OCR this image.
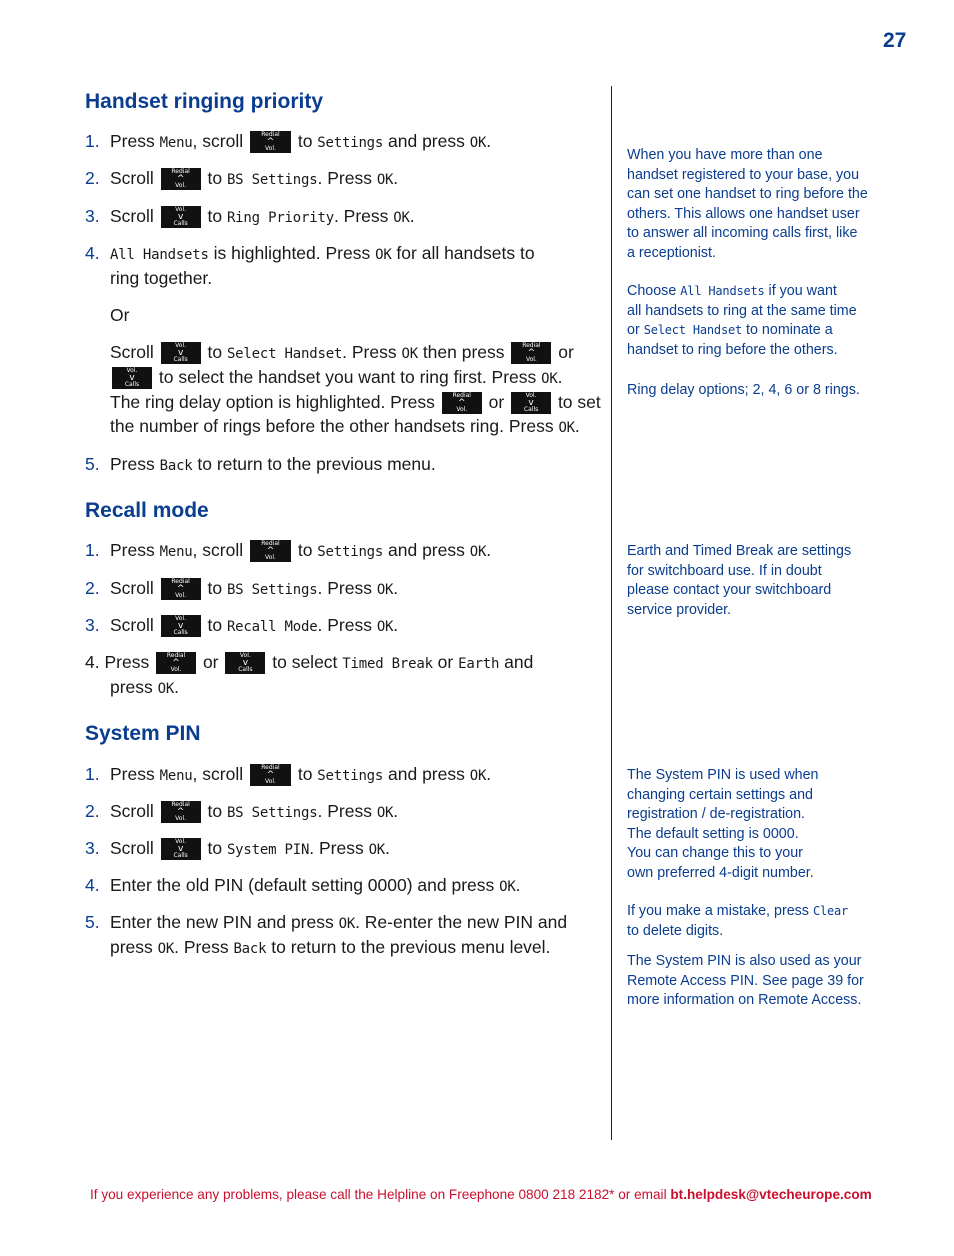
27
Handset ringing priority
1. Press Menu, scroll	Redial
^
Vol. to Settings and press OK.
2. Scroll	Redial
^
Vol. to BS Settings. Press OK.
3. Scroll	Vol.
v
Calls to Ring Priority. Press OK.
4. All Handsets is highlighted. Press OK for all handsets to
ring together.
Or
Scroll	Vol.
v
Calls to Select Handset. Press OK then press	Redial
^
Vol. or
Vol.
v
Calls to select the handset you want to ring first. Press OK.
The ring delay option is highlighted. Press	Redial
^
Vol. or	Vol.
v
Calls to set
the number of rings before the other handsets ring. Press OK.
5. Press Back to return to the previous menu.
Recall mode
1. Press Menu, scroll	Redial
^
Vol. to Settings and press OK.
2. Scroll	Redial
^
Vol. to BS Settings. Press OK.
3. Scroll	Vol.
v
Calls to Recall Mode. Press OK.
4. Press	Redial
^
Vol. or	Vol.
v
Calls to select Timed Break or Earth and
press OK.
System PIN
1. Press Menu, scroll	Redial
^
Vol. to Settings and press OK.
2. Scroll	Redial
^
Vol. to BS Settings. Press OK.
3. Scroll	Vol.
v
Calls to System PIN. Press OK.
4. Enter the old PIN (default setting 0000) and press OK.
5. Enter the new PIN and press OK. Re-enter the new PIN and
press OK. Press Back to return to the previous menu level.
When you have more than one
handset registered to your base, you
can set one handset to ring before the
others. This allows one handset user
to answer all incoming calls first, like
a receptionist.
Choose All Handsets if you want
all handsets to ring at the same time
or Select Handset to nominate a
handset to ring before the others.
Ring delay options; 2, 4, 6 or 8 rings.
Earth and Timed Break are settings
for switchboard use. If in doubt
please contact your switchboard
service provider.
The System PIN is used when
changing certain settings and
registration / de-registration.
The default setting is 0000.
You can change this to your
own preferred 4-digit number.
If you make a mistake, press Clear
to delete digits.
The System PIN is also used as your
Remote Access PIN. See page 39 for
more information on Remote Access.
If you experience any problems, please call the Helpline on Freephone 0800 218 2182* or email bt.helpdesk@vtecheurope.com
